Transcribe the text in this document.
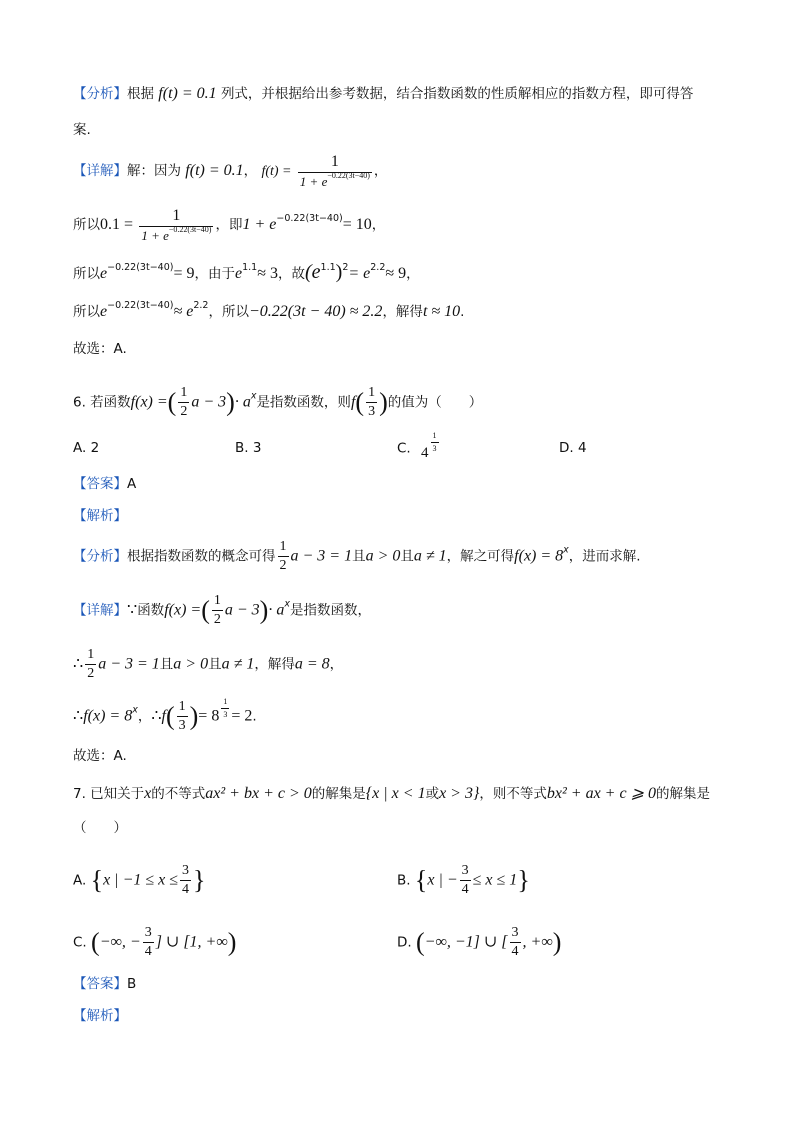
【分析】根据 f(t) = 0.1 列式，并根据给出参考数据，结合指数函数的性质解相应的指数方程，即可得答
案.
【详解】解：因为 f(t) = 0.1， $f(t) = \frac{1}{1 + e^{-0.22(3t-40)}}$ ，
所以$0.1 = \frac{1}{1 + e^{-0.22(3t-40)}}$ ，即$1 + e^{-0.22(3t-40)}= 10$，
所以$e^{-0.22(3t-40)}= 9$，由于$e^{1.1}\approx 3$，故$(e^{1.1})^2= e^{2.2}\approx 9$，
所以$e^{-0.22(3t-40)}\approx e^{2.2}$，所以−0.22(3t − 40) ≈ 2.2，解得t ≈ 10.
故选：A.
6. 若函数f(x) =( $\frac{1}{2}$ $a - 3)\cdot a^x$是指数函数，则$f( \frac{1}{3}$ )的值为（　　）
A. 2	B. 3	C. $4 \frac{1}{3}$	D. 4
【答案】A
【解析】
【分析】根据指数函数的概念可得 $\frac{1}{2}$ a − 3 = 1且a > 0且a ≠ 1，解之可得$f(x) = 8^x$，进而求解.
【详解】∵函数f(x) =( $\frac{1}{2}$ $a - 3)\cdot a^x$是指数函数，
∴ $\frac{1}{2}$ a − 3 = 1且a > 0且a ≠ 1，解得a = 8，
∴f(x) = $8^x$，∴f( $\frac{1}{3}$ )= $8 \frac{1}{3} = 2$.
故选：A.
7. 已知关于x的不等式ax² + bx + c > 0的解集是{x | x < 1或x > 3}，则不等式bx² + ax + c ⩾ 0的解集是
（　　）
A. {x | $-1 \le x \le \frac{3}{4}$ }	B. {x | − $\frac{3}{4} \le x \le 1$}
C. (−∞, − $\frac{3}{4}$ ] ∪ [1, +∞)	D. (−∞, −1] ∪ [ $\frac{3}{4}$ , +∞)
【答案】B
【解析】
